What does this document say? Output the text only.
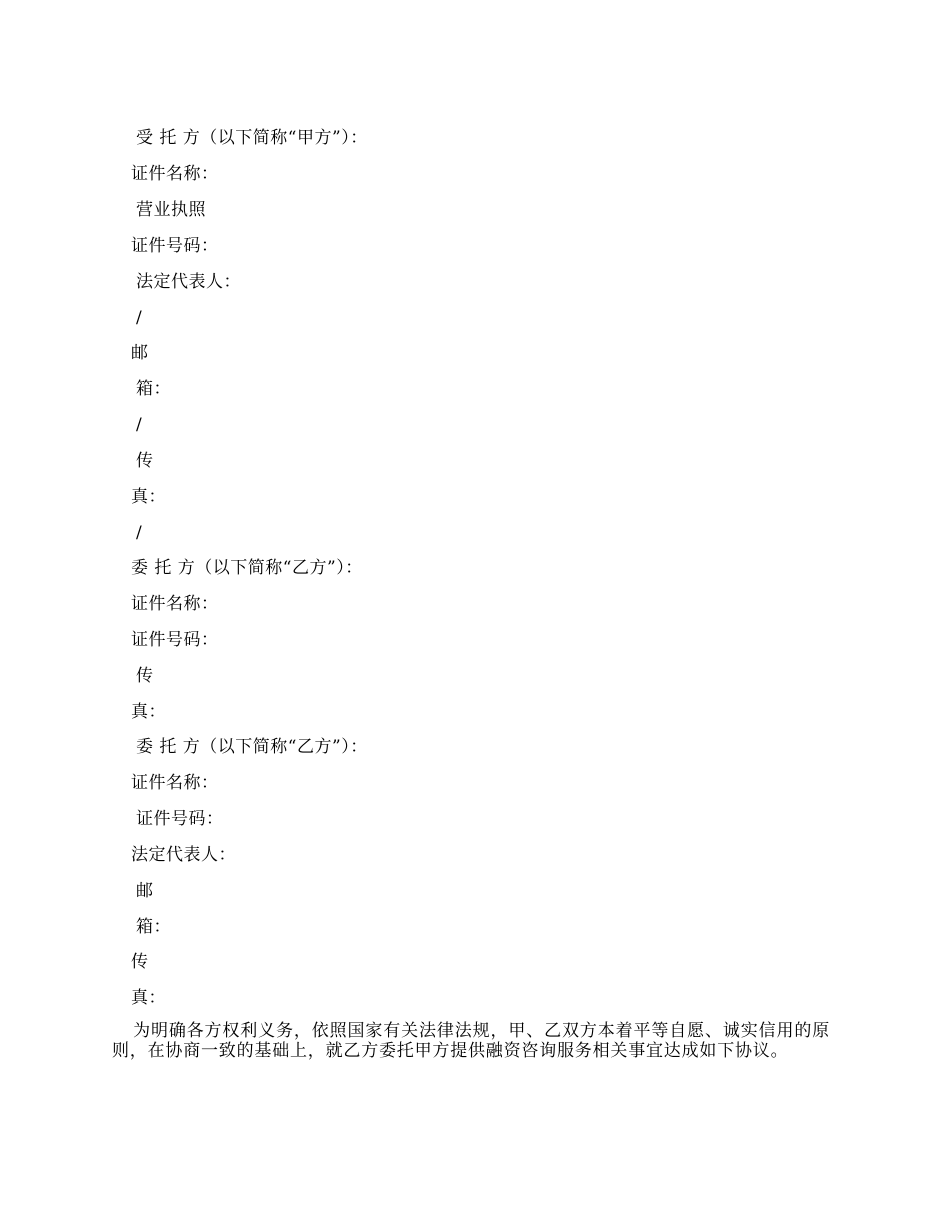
受 托 方（以下简称“甲方”）：
证件名称：
营业执照
证件号码：
法定代表人：
/
邮
箱：
/
传
真：
/
委 托 方（以下简称“乙方”）：
证件名称：
证件号码：
传
真：
委 托 方（以下简称“乙方”）：
证件名称：
证件号码：
法定代表人：
邮
箱：
传
真：
为明确各方权利义务，依照国家有关法律法规，甲、乙双方本着平等自愿、诚实信用的原则，在协商一致的基础上，就乙方委托甲方提供融资咨询服务相关事宜达成如下协议。
